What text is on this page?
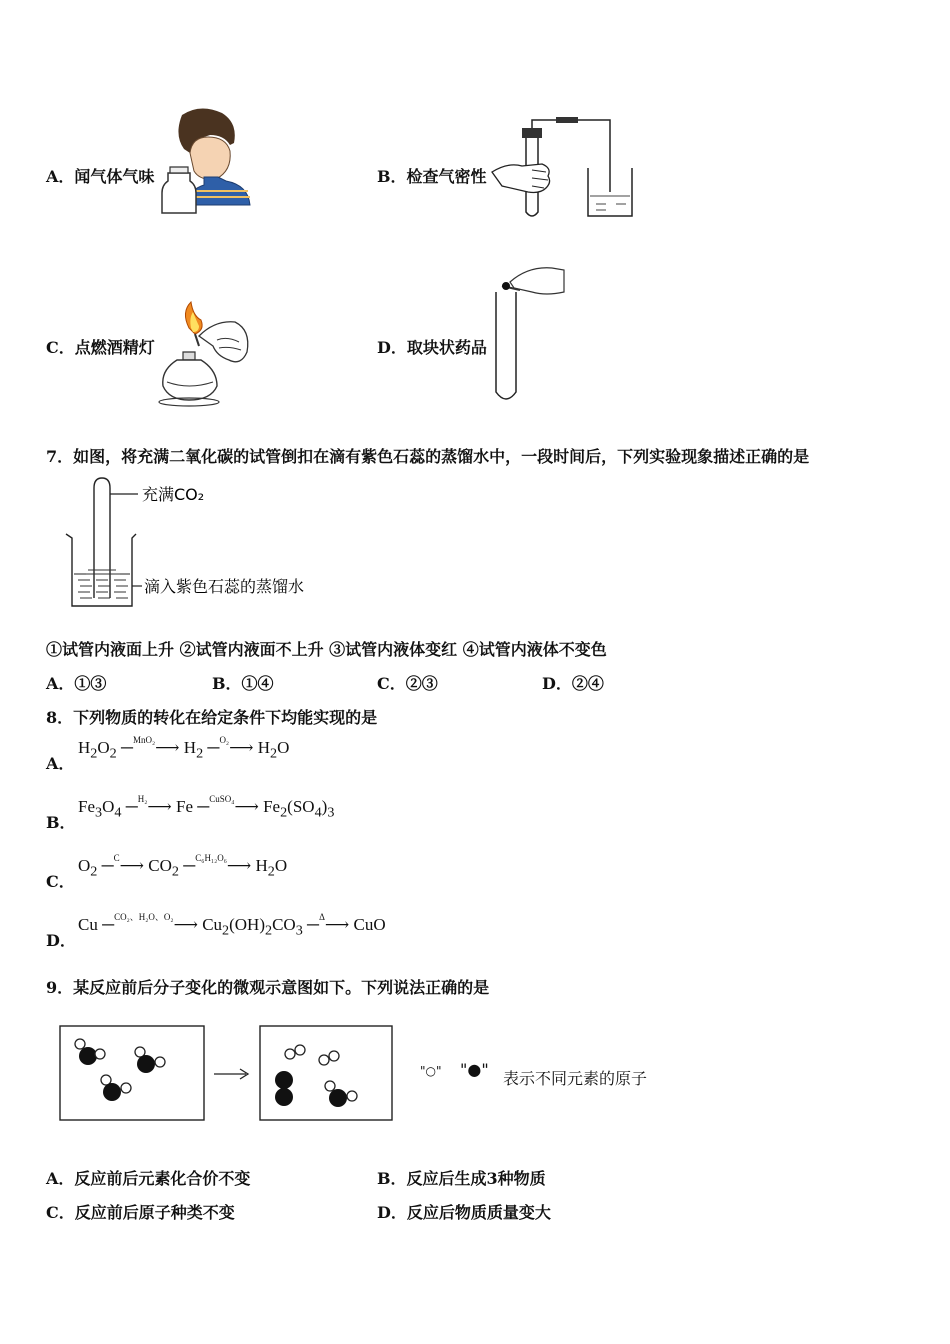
A．闻气体气味	B．检查气密性
C．点燃酒精灯	D．取块状药品
7．如图，将充满二氧化碳的试管倒扣在滴有紫色石蕊的蒸馏水中，一段时间后，下列实验现象描述正确的是
充满CO₂
滴入紫色石蕊的蒸馏水
①试管内液面上升 ②试管内液面不上升 ③试管内液体变红 ④试管内液体不变色
A．①③	B．①④	C．②③	D．②④
8．下列物质的转化在给定条件下均能实现的是
A．
$H_2O_2$ ─$^{MnO_2}$⟶ $H_2$ ─$^{O_2}$⟶ $H_2O$
B．
$Fe_3O_4$ ─$^{H_2}$⟶ Fe ─$^{CuSO_4}$⟶ $Fe_2(SO_4)_3$
C．
$O_2$ ─$^C$⟶ $CO_2$ ─$^{C_6H_{12}O_6}$⟶ $H_2O$
D．
Cu ─$^{CO_2、H_2O、O_2}$⟶ $Cu_2(OH)_2CO_3$ ─$^\Delta$⟶ CuO
9．某反应前后分子变化的微观示意图如下。下列说法正确的是
"○" "●" 表示不同元素的原子
A．反应前后元素化合价不变	B．反应后生成3种物质
C．反应前后原子种类不变	D．反应后物质质量变大
